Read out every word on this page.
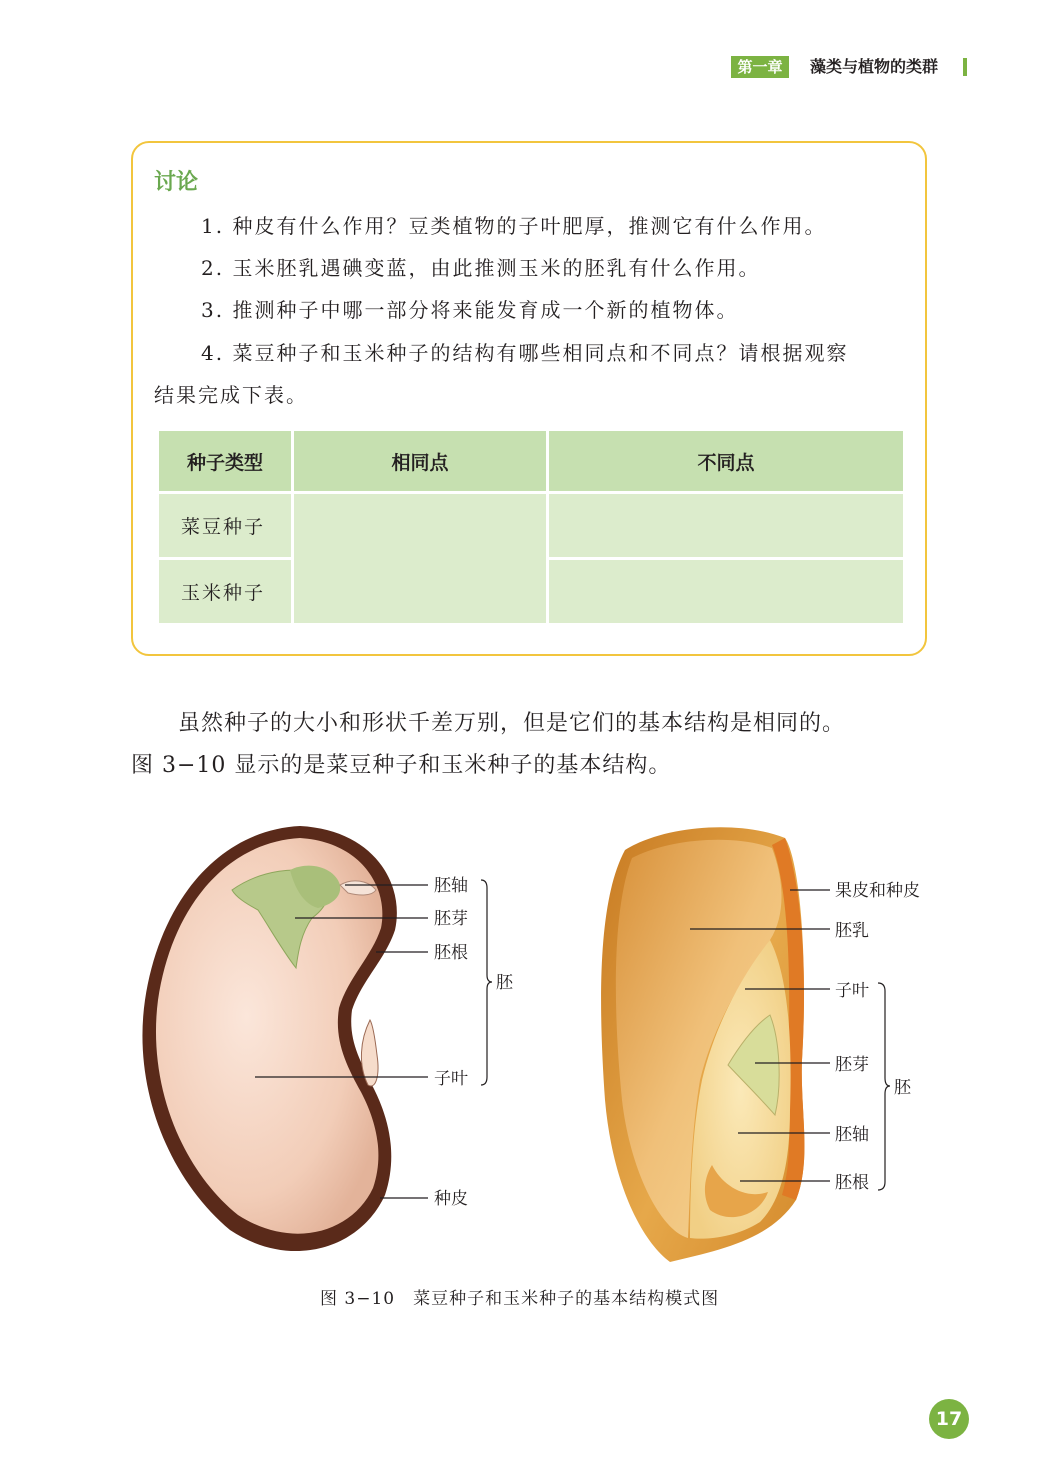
第一章	藻类与植物的类群
讨论
1. 种皮有什么作用？豆类植物的子叶肥厚，推测它有什么作用。
2. 玉米胚乳遇碘变蓝，由此推测玉米的胚乳有什么作用。
3. 推测种子中哪一部分将来能发育成一个新的植物体。
4. 菜豆种子和玉米种子的结构有哪些相同点和不同点？请根据观察
结果完成下表。
种子类型	相同点	不同点
菜豆种子		
玉米种子		
虽然种子的大小和形状千差万别，但是它们的基本结构是相同的。
图 3−10 显示的是菜豆种子和玉米种子的基本结构。
胚轴
胚芽
胚根
胚
子叶
种皮
果皮和种皮
胚乳
子叶
胚芽
胚
胚轴
胚根
图 3−10　菜豆种子和玉米种子的基本结构模式图
17
